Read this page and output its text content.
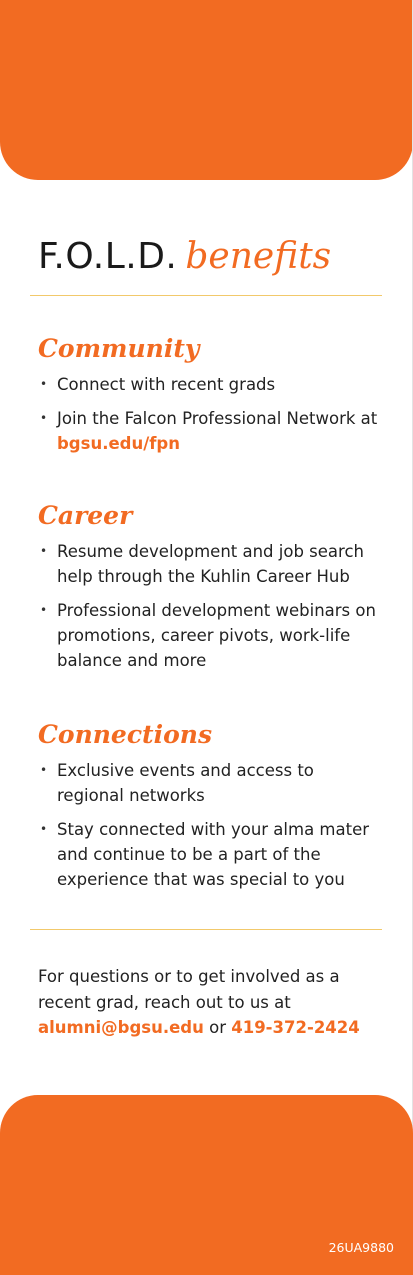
F.O.L.D. benefits
Community
• Connect with recent grads
• Join the Falcon Professional Network at bgsu.edu/fpn
Career
• Resume development and job search help through the Kuhlin Career Hub
• Professional development webinars on promotions, career pivots, work-life balance and more
Connections
• Exclusive events and access to regional networks
• Stay connected with your alma mater and continue to be a part of the experience that was special to you

For questions or to get involved as a recent grad, reach out to us at alumni@bgsu.edu or 419-372-2424

26UA9880
